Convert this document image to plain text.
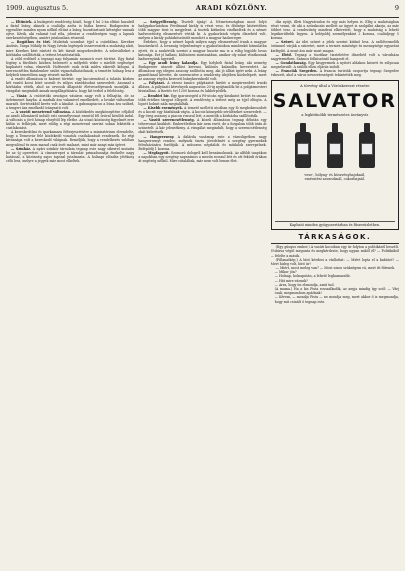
1909. augusztus 5.	ARADI KÖZLÖNY.	9

— Eltűntek. A budapesti rendőrség közöl, hogy f. hó 2-án eltűnt hazulról a fiatal leány, akinek a családja azóta is hiába keresi. Budapesten is egyenlőre minden nyom nélkül eltűnt a leány, hozzátartozói kétségbe vannak ejtve. Kérik, aki valamit tud róla, jelentse a rendőrségen vagy a lapunk szerkesztőségében, amiért jutalomban részesül.

— Bogáthos és töri. Mulattak szombat éjjel a csárdában. Kerekes András, Varga Mihály és Nagy István legények összevesztek a mulatság alatt, mire Kerekes kést rántott és két társát megsebesítette. A sebesülteket a kórházba szállították, a tettest letartóztatták.

A zöld erdőnél a tegnapi nap folyamán szomorú eset történt. Egy fiatal legény a fürdőzés közben beleesett a mélyebb vízbe s mielőtt segítséget kaphatott volna, elmerült. Holttestét csak órák múlva sikerült kifogni. A szerencsétlen fiatalember szülei vigasztalhatatlanok; a temetés holnap lesz a helybeli temetőben nagy részvét mellett.

A vasúti állomáson is baleset történt: egy kocsirendező a tolatás közben két vasúti kocsi közé szorult és súlyos zúzódásokat szenvedett. Azonnal a kórházba vitték, ahol az orvosok állapotát életveszélyesnek mondják. A vizsgálat megindult annak megállapítására, hogy kit terhel a felelősség.

— Vásár. A csütörtöki országos vásáron nagy volt a felhajtás, de az üzletmenet lanyha. A marhák ára valamivel emelkedett, a lovaké változatlan maradt. Sertésekből kevés volt a kínálat. A gabonapiacon a búza ára szilárd, a tengeri ára emelkedő irányzatú volt.

— A vasúti menetrend változása. A közlekedés megkönnyítése céljából az aradi állomásról induló esti személyvonat ezentúl fél órával később indul. A változás a jövő hónap elsejétől lép életbe. Az utazó közönség figyelmét erre külön is felhívjuk, mert eddig a régi menetrend szerint sokan lekésték a csatlakozást.

A kereskedelmi és iparkamara felterjesztésére a minisztérium elrendelte, hogy a Temesvár felé közlekedő vonatok csatlakozását rendezzék. Ez régi kívánsága volt a kereskedő világnak. Reméljük, hogy a rendelkezés valóban megvalósul és nem marad csak írott malaszt, mint már annyi más ígéret.

— Színház. A nyári színkör társulata tegnap este nagy sikerrel mutatta be az új operettet. A címszerepet a társulat primadonnája énekelte nagy hatással, a közönség zajos tapssal jutalmazta. A holnapi előadás jótékony célú lesz, melyre a jegyek már most elkeltek.

— Szégyelltesség. Tisztelt újság! A Németországban most folyó hadgyakorlatokon Ferdinand király is részt vesz, és őfelsége kíséretében több magyar tiszt is megjelent. A tisztek kitűnően viselkedtek és a német hadvezetőség elismerését vívták ki. A gyakorlatok végén díszebéd volt, melyen a király pohárköszöntőt mondott a magyar hadseregre.

Érdekes, hogy a német lapok milyen nagy elismeréssel írnak a magyar huszárokról. A lovasság teljesítménye a gyakorlatokon mindenkit bámulatba ejtett, és a szakértők szerint a magyar huszár ma is a világ legjobb lovas katonája. Ezt jó hallani, különösen mostanában, amikor oly sokat vitatkoznak hadseregünk ügyeiről.

— Egy aradi leány kalandja. Egy helybeli fiatal leány, aki nemrég Budapestre utazott állást keresni, különös kalandba keveredett. Az állomáson egy idegen asszony szólította meg, aki jó állást ígért neki. A leány gyanútlanul követte, de szerencsére a rendőrség idejében közbelépett, mert az asszony régóta keresett leánykereskedő volt.

— Pályázat. A városi tanács pályázatot hirdet a megüresedett írnoki állásra. A pályázati kérvények augusztus 20-ig nyújtandók be a polgármesteri hivatalban. A fizetés évi 1200 korona és lakbérpótlék.

— Rendőri hír. Egy iparossegéd a Fő-utcán egy kirakatot betört és onnan több értékes tárgyat ellopott. A rendőrség a tettest még az éjjel elfogta. A lopott holmit nála megtalálták.

— Kisebb események. A temető melletti utcában egy ló megbokrosodott és a kocsit egy házfalnak vágta. A kocsis könnyebb sérüléseket szenvedett. — Egy öreg asszony a piacon rosszul lett; a mentők a kórházba szállították.

— Vasúti szerencsétlenség. A közeli állomáson tegnap délután egy tehervonat kisiklott. Emberéletben kár nem esett, de a forgalom több órán át szünetelt. A kár jelentékeny. A vizsgálat megindult, hogy a szerencsétlenség okát kiderítsék.

— Hangverseny. A dalárda vasárnap este a városligetben nagy hangversenyt rendez, melynek tiszta jövedelmét a szegény gyermekek felruházására fordítják. A műsoron népdalok és műdalok szerepelnek. Belépődíj 1 korona.

— Megfagyott. Szomorú dologról kell beszámolnunk. Az alföldi tanyákon a napokban egy szegény napszámos a mezőn rosszul lett és ott feküdt órákon át segítség nélkül. Mire rátaláltak, már nem volt benne élet.

dás nyújt, illeti Nagyváradon és egy más helyen is. Elég a mulatságban részt venni, de aki a szórakozás mellett az ügyet is szolgálni akarja, az már többet tesz. A rendezőség mindent elkövetett, hogy a mulatság a lehető legsikerültebb legyen. A belépődíj személyenkint 2 korona, családjegy 5 korona.

— Szüret. Az idei szüret a jelek szerint kitűnő lesz. A szőlőtermelők örömmel várják a szüretet, mert a termés minősége és mennyisége egyaránt kielégítő. A must ára már most magas.

— Ebéd. Tegnap a tisztikar tiszteletére díszebéd volt a városháza nagytermében. Számos felköszöntő hangzott el.

— Gondatlanság. Egy kisgyermek a nyitott ablakon kiesett és súlyosan megsebesült. A szülők ellen eljárás indult.

— Franciák Szegeden. A francia turisták csoportja tegnap Szegedre érkezett, ahol a város nevezetességeit tekintették meg.

A törvény által a Vöröskereszt részére
SALVATOR
a legkitűnőbb természetes ásványvíz
vese-, hólyag- és köszvénybajoknál,
emésztési zavaroknál, cukorbajnál.
Kapható minden gyógyszertárban és fűszerüzletben.
TÁRKASÁGOK.

(Egy gúnyos ember.) A vasúti kocsiban egy úr folyton a politikáról beszélt. Utitársa végül megunta és megkérdezte, hogy ugyan miből él? — Politikából — felelte a másik.

(Pillanatkép.) A bíró kérdezi a vádlottat: — Miért lopta el a kabátot? — Mert hideg volt, bíró úr!

— Miért, most meleg van? — Most nincs szükségem rá, mert itt fűtenek.

— Mikor jön?

— Holnap, holnapután, a lehető leghamarabb.

— Hát mire várunk?

— Arra, hogy ön elmondja, amit tud.

(A mama.) Ha a kis Pista rosszalkodik, az anyja mindig így szól: — Várj csak, megmondom apádnak!

— Kérem, — mondja Pista — ne mondja meg, mert akkor ő is megmondja, hogy mit csinált ő tegnap este.
